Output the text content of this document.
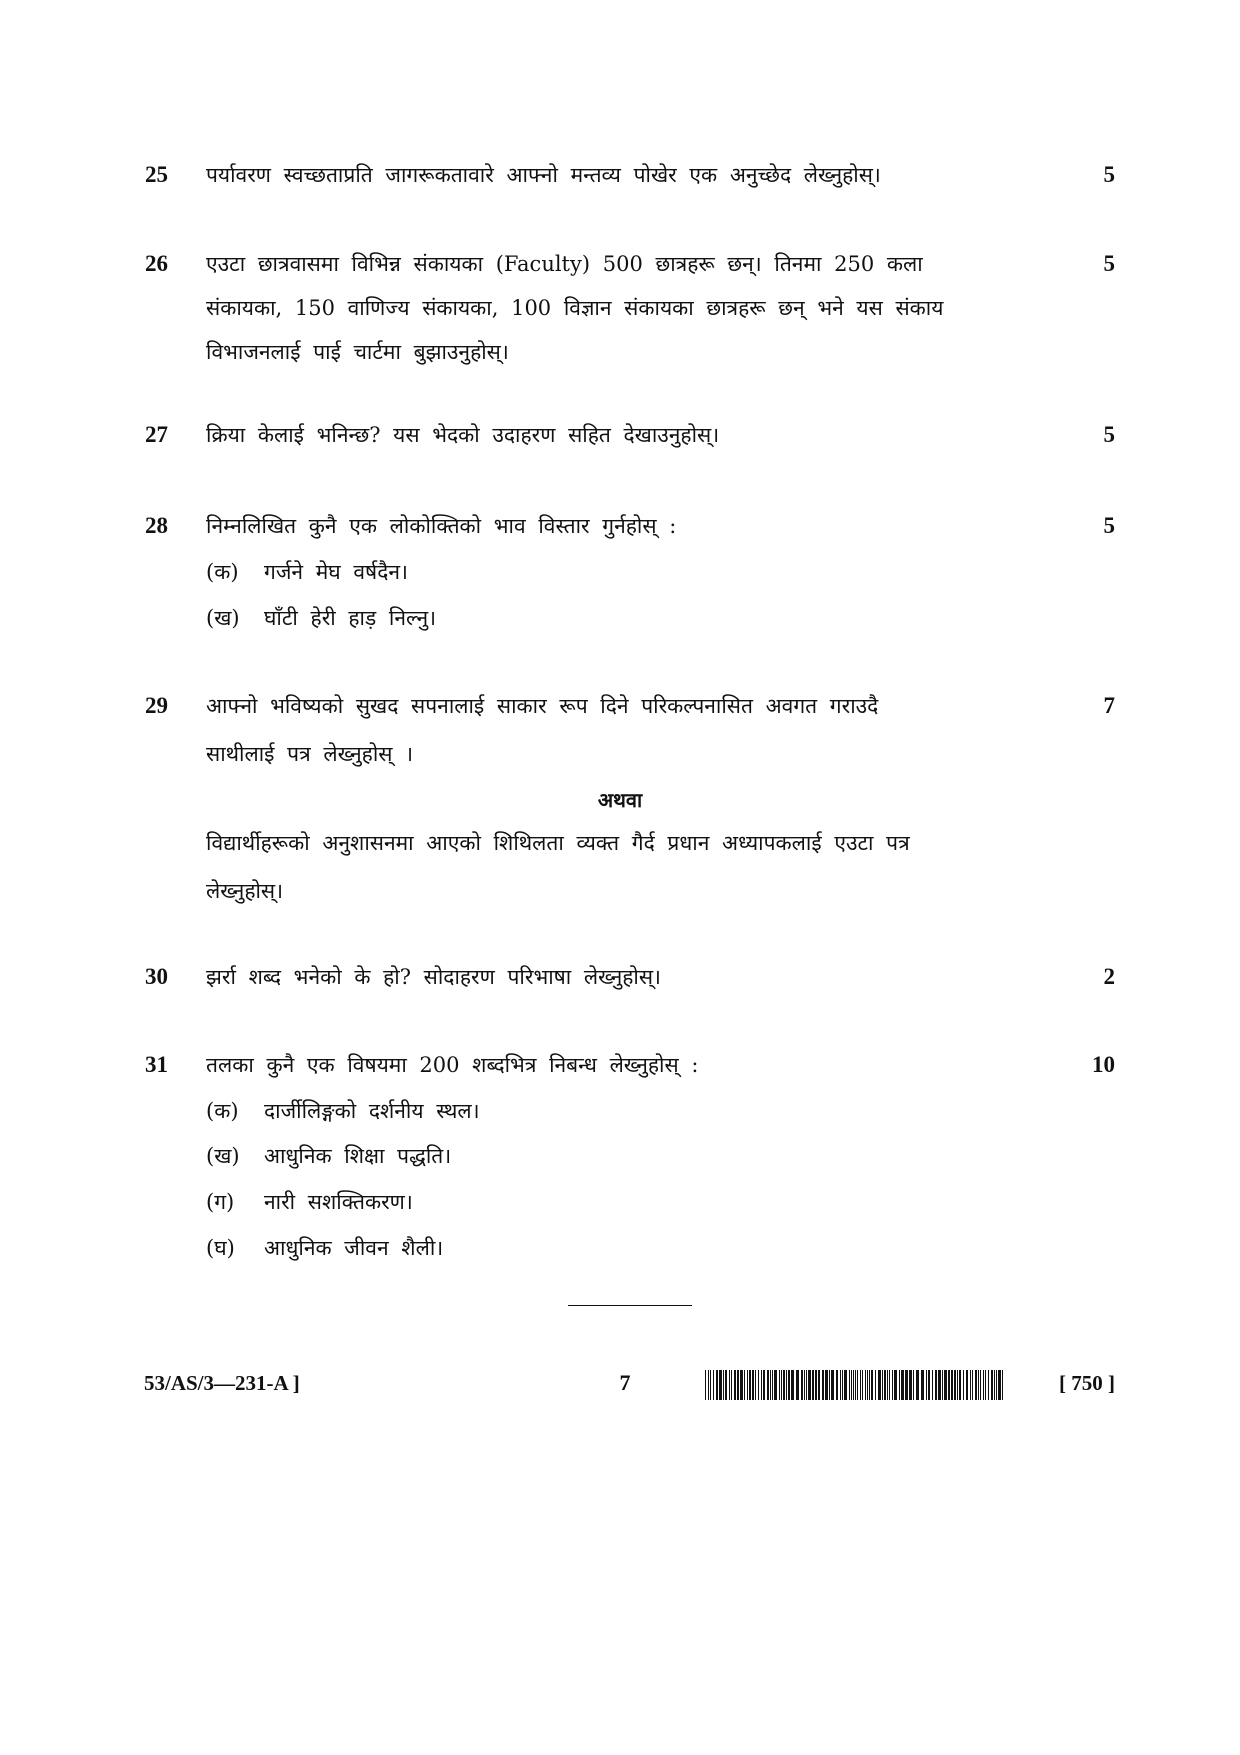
25 पर्यावरण स्वच्छताप्रति जागरूकतावारे आफ्नो मन्तव्य पोखेर एक अनुच्छेद लेख्नुहोस्।	5
26 एउटा छात्रवासमा विभिन्न संकायका (Faculty) 500 छात्रहरू छन्। तिनमा 250 कला
संकायका, 150 वाणिज्य संकायका, 100 विज्ञान संकायका छात्रहरू छन् भने यस संकाय
विभाजनलाई पाई चार्टमा बुझाउनुहोस्।
5
27 क्रिया केलाई भनिन्छ? यस भेदको उदाहरण सहित देखाउनुहोस्।	5
28 निम्नलिखित कुनै एक लोकोक्तिको भाव विस्तार गुर्नहोस् :	5
(क) गर्जने मेघ वर्षदैन।
(ख) घाँटी हेरी हाड़ निल्नु।
29 आफ्नो भविष्यको सुखद सपनालाई साकार रूप दिने परिकल्पनासित अवगत गराउदै
साथीलाई पत्र लेख्नुहोस् ।
7
अथवा
विद्यार्थीहरूको अनुशासनमा आएको शिथिलता व्यक्त गैर्द प्रधान अध्यापकलाई एउटा पत्र
लेख्नुहोस्।
30 झर्रा शब्द भनेको के हो? सोदाहरण परिभाषा लेख्नुहोस्।	2
31 तलका कुनै एक विषयमा 200 शब्दभित्र निबन्ध लेख्नुहोस् :	10
(क) दार्जीलिङ्गको दर्शनीय स्थल।
(ख) आधुनिक शिक्षा पद्धति।
(ग) नारी सशक्तिकरण।
(घ) आधुनिक जीवन शैली।
53/AS/3—231-A ]	7	[ 750 ]
